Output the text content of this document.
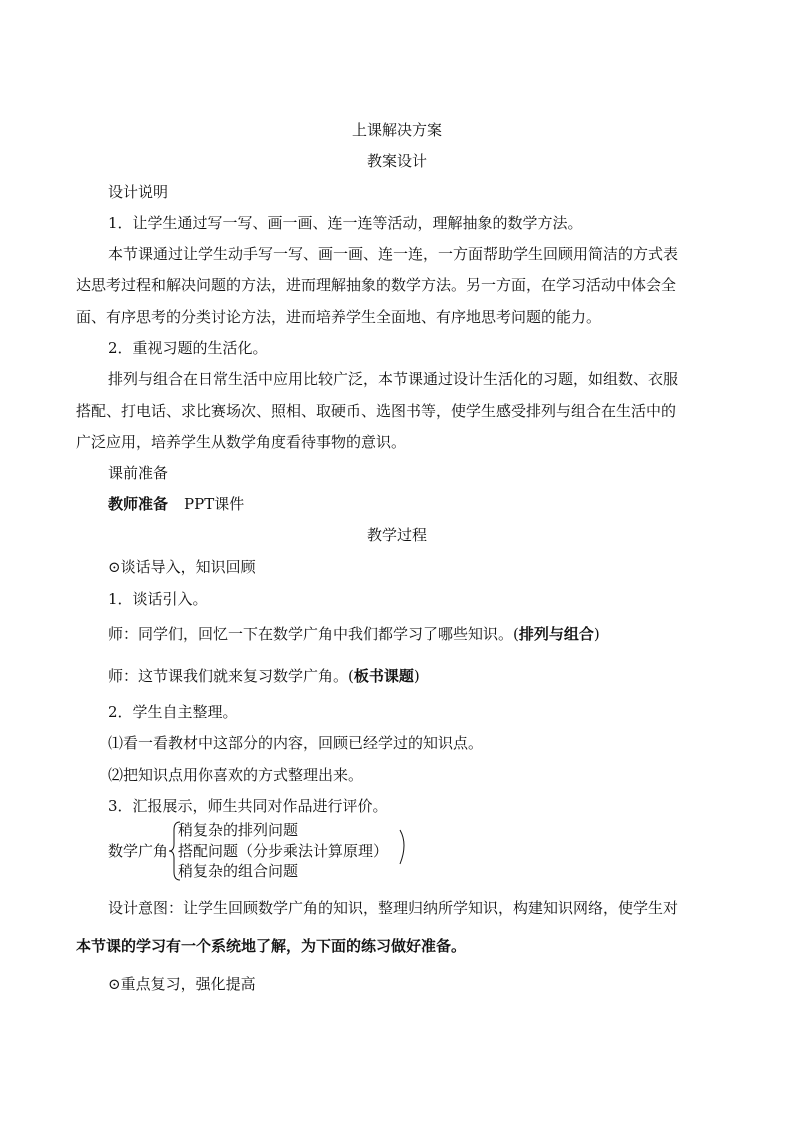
上课解决方案
教案设计
设计说明
1．让学生通过写一写、画一画、连一连等活动，理解抽象的数学方法。
本节课通过让学生动手写一写、画一画、连一连，一方面帮助学生回顾用简洁的方式表
达思考过程和解决问题的方法，进而理解抽象的数学方法。另一方面，在学习活动中体会全
面、有序思考的分类讨论方法，进而培养学生全面地、有序地思考问题的能力。
2．重视习题的生活化。
排列与组合在日常生活中应用比较广泛，本节课通过设计生活化的习题，如组数、衣服
搭配、打电话、求比赛场次、照相、取硬币、选图书等，使学生感受排列与组合在生活中的
广泛应用，培养学生从数学角度看待事物的意识。
课前准备
教师准备 PPT课件
教学过程
⊙谈话导入，知识回顾
1．谈话引入。
师：同学们，回忆一下在数学广角中我们都学习了哪些知识。(排列与组合)
师：这节课我们就来复习数学广角。(板书课题)
2．学生自主整理。
⑴看一看教材中这部分的内容，回顾已经学过的知识点。
⑵把知识点用你喜欢的方式整理出来。
3．汇报展示，师生共同对作品进行评价。
数学广角
稍复杂的排列问题
搭配问题（分步乘法计算原理）
稍复杂的组合问题
设计意图：让学生回顾数学广角的知识，整理归纳所学知识，构建知识网络，使学生对
本节课的学习有一个系统地了解，为下面的练习做好准备。
⊙重点复习，强化提高
